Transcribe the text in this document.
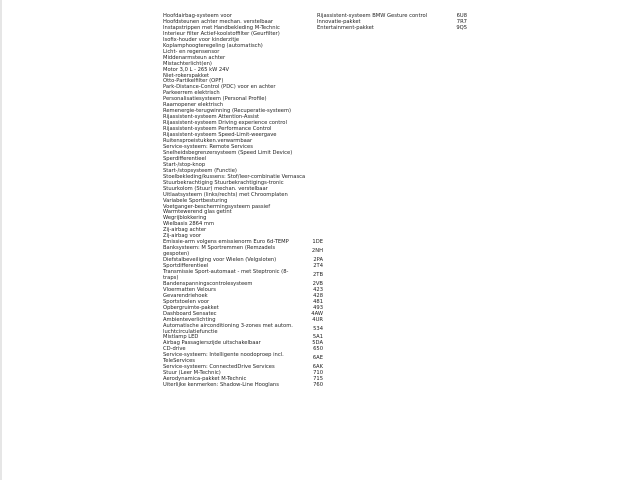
Hoofdairbag-systeem voor
Hoofdsteunen achter mechan. verstelbaar
Instapstrippen met Handbekleding M-Technic
Interieur filter Actief-koolstoffilter (Geurfilter)
Isofix-houder voor kinderzitje
Koplamphoogteregeling (automatisch)
Licht- en regensensor
Middenarmsteun achter
Mistachterlicht(en)
Motor 3,0 L - 265 kW 24V
Niet-rokerspakket
Otto-Partikelfilter (OPF)
Park-Distance-Control (PDC) voor en achter
Parkeerrem elektrisch
Personalisatiesysteem (Personal Profile)
Raamopener elektrisch
Remenergie-terugwinning (Recuperatie-systeem)
Rijassistent-systeem Attention-Assist
Rijassistent-systeem Driving experience control
Rijassistent-systeem Performance Control
Rijassistent-systeem Speed-Limit-weergave
Ruitensproeistukken.verwarmbaar
Service-systeem: Remote Services
Snelheidsbegrenzersysteem (Speed Limit Device)
Sperdifferentieel
Start-/stop-knop
Start-/stopsysteem (Functie)
Stoelbekleding/kussens: Stof/leer-combinatie Vernasca
Stuurbekrachtiging Stuurbekrachtigings-tronic
Stuurkolom (Stuur) mechan. verstelbaar
Uitlaatsysteem (links/rechts) met Chroomplaten
Variabele Sportbesturing
Voetganger-beschermingsysteem passief
Warmtewerend glas getint
Wegrijblokkering
Wielbasis 2864 mm
Zij-airbag achter
Zij-airbag voor
Emissie-arm volgens emissienorm Euro 6d-TEMP	1DE
Banksysteem: M Sportremmen (Remzadels gespoten)	2NH
Diefstalbeveiliging voor Wielen (Velgsloten)	2PA
Sportdifferentieel	2T4
Transmissie Sport-automaat - met Steptronic (8-traps)	2TB
Bandenspanningscontrolesysteem	2VB
Vloermatten Velours	423
Gevarendriehoek	428
Sportstoelen voor	481
Opbergruimte-pakket	493
Dashboard Sensatec	4AW
Ambienteverlichting	4UR
Automatische airconditioning 3-zones met autom. luchtcirculatiefunctie	534
Mistlamp LED	5A1
Airbag Passagierszijde uitschakelbaar	5DA
CD-drive	650
Service-systeem: Intelligente noodoproep incl. TeleServices	6AE
Service-systeem: ConnectedDrive Services	6AK
Stuur (Leer M-Technic)	710
Aerodynamica-pakket M-Technic	715
Uiterlijke kenmerken: Shadow-Line Hooglans	760
Rijassistent-systeem BMW Gesture control	6U8
Innovatie-pakket	7R7
Entertainment-pakket	9Q5
